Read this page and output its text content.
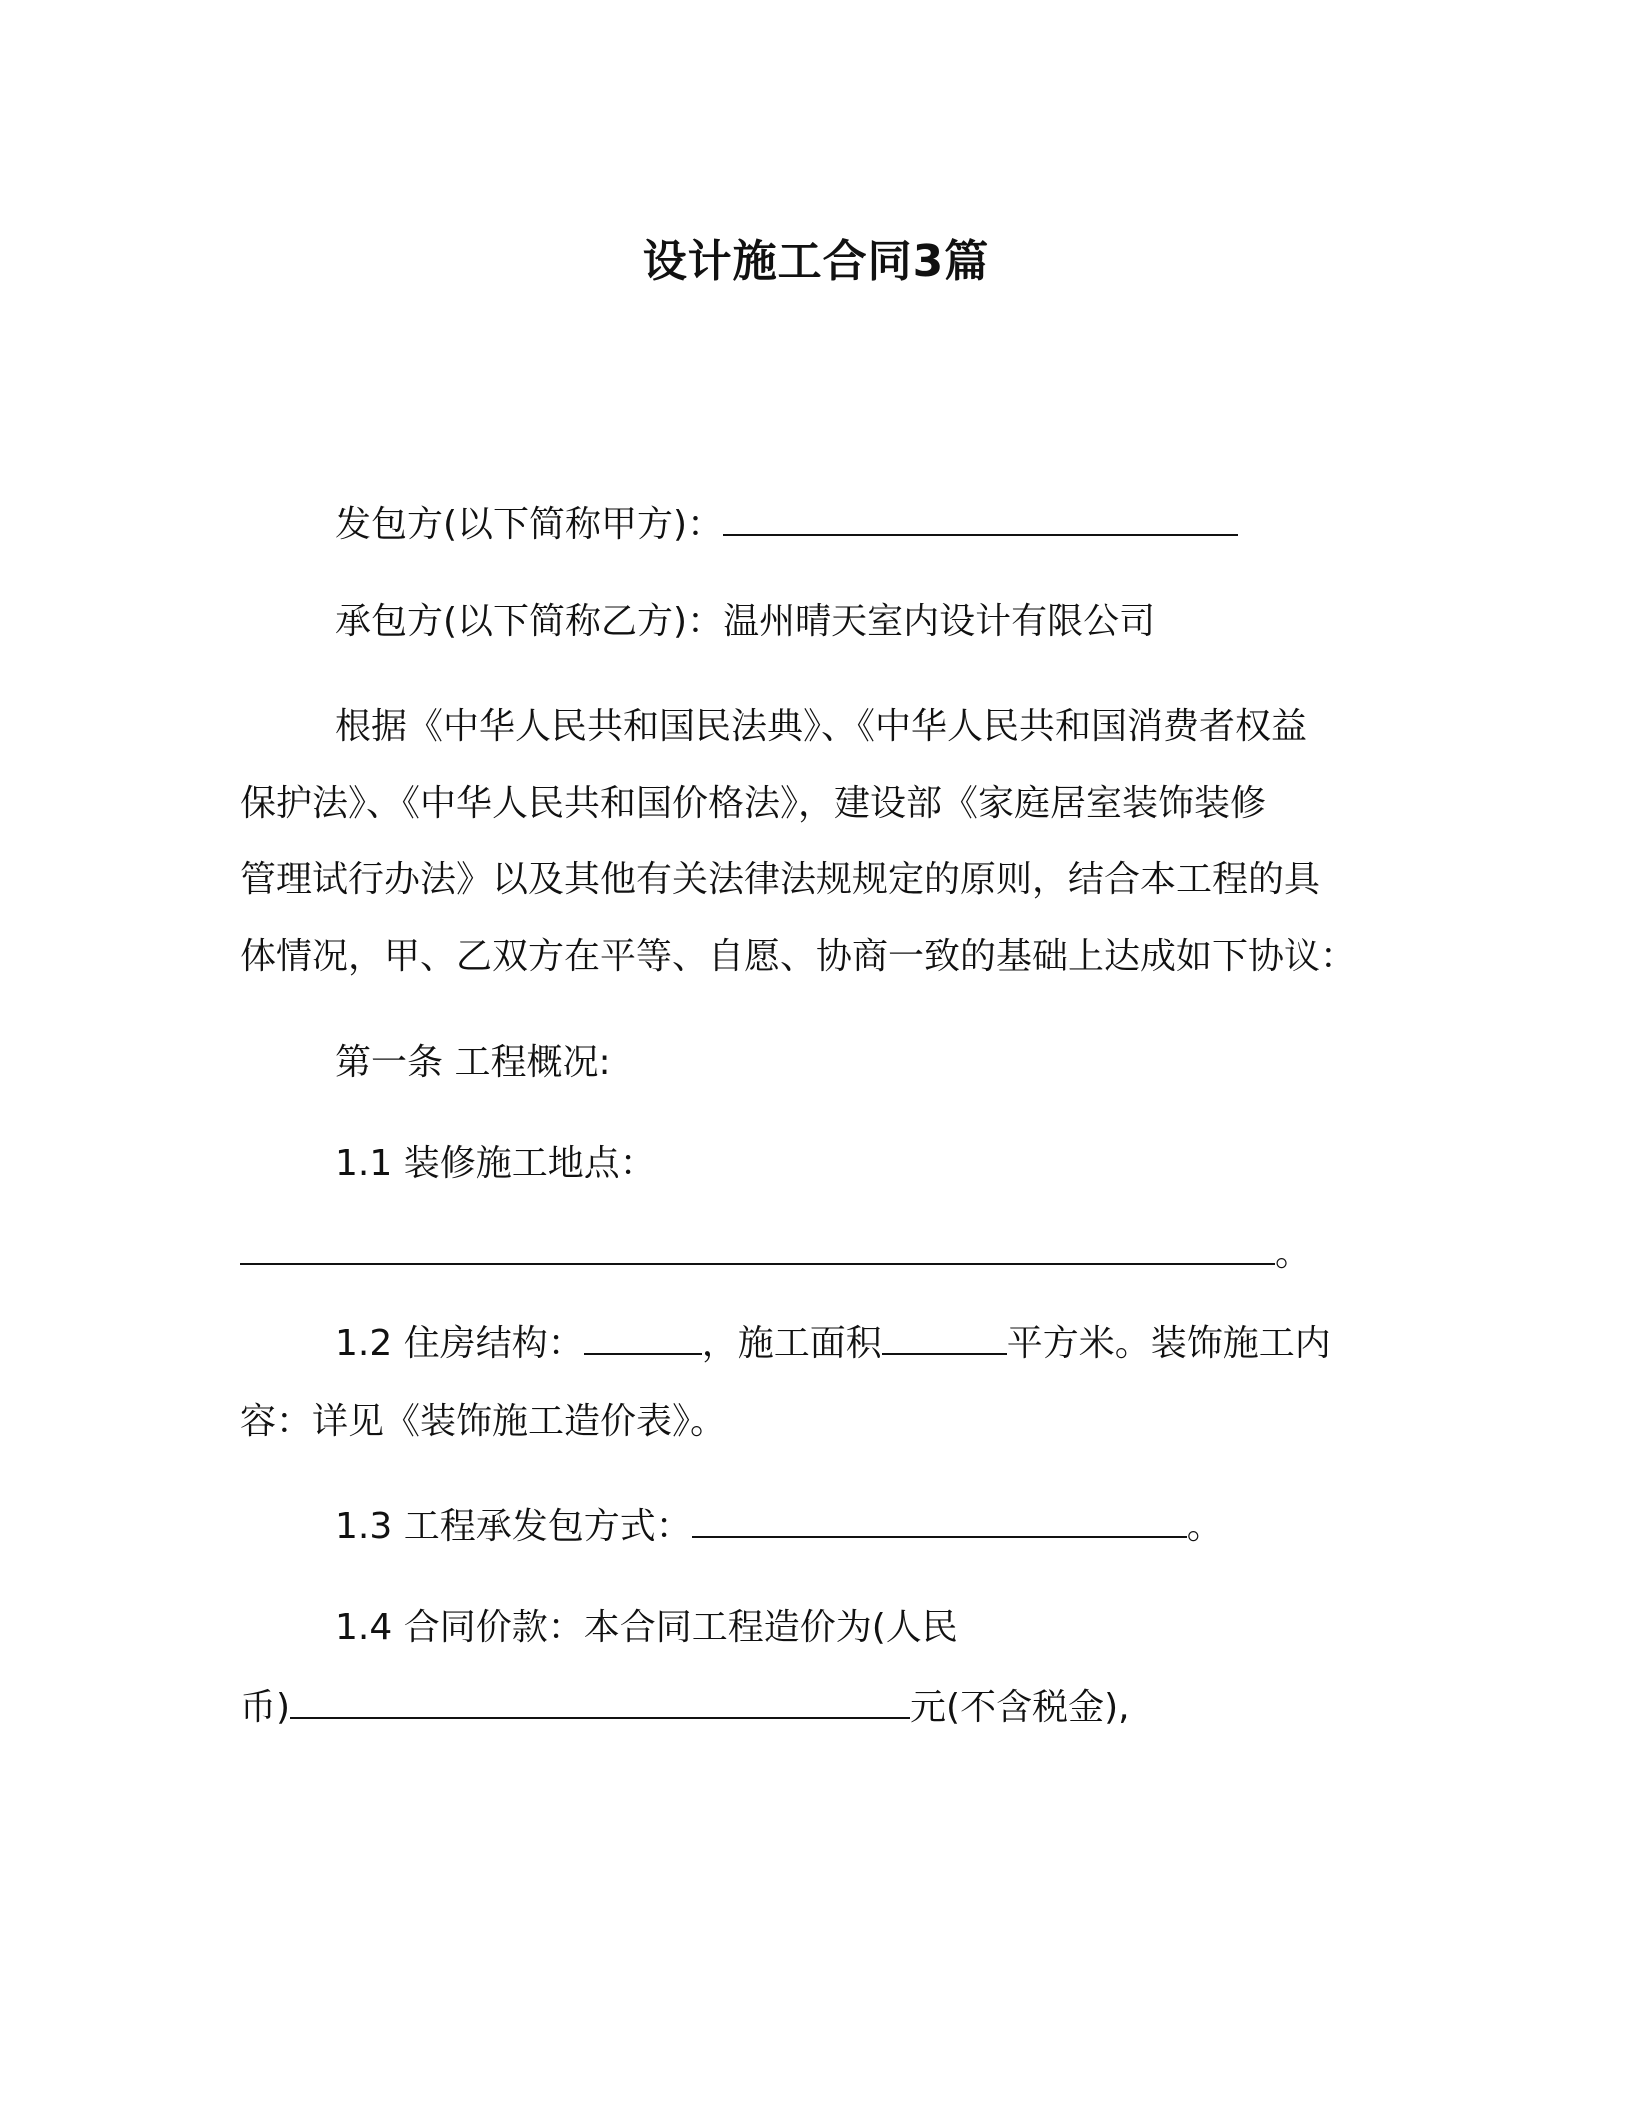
设计施工合同3篇
发包方(以下简称甲方)：
承包方(以下简称乙方)：温州晴天室内设计有限公司
根据《中华人民共和国民法典》、《中华人民共和国消费者权益
保护法》、《中华人民共和国价格法》，建设部《家庭居室装饰装修
管理试行办法》以及其他有关法律法规规定的原则，结合本工程的具
体情况，甲、乙双方在平等、自愿、协商一致的基础上达成如下协议：
第一条 工程概况:
1.1 装修施工地点：
。
1.2 住房结构：	，施工面积	平方米。装饰施工内
容：详见《装饰施工造价表》。
1.3 工程承发包方式：	。
1.4 合同价款：本合同工程造价为(人民
币)	元(不含税金),
